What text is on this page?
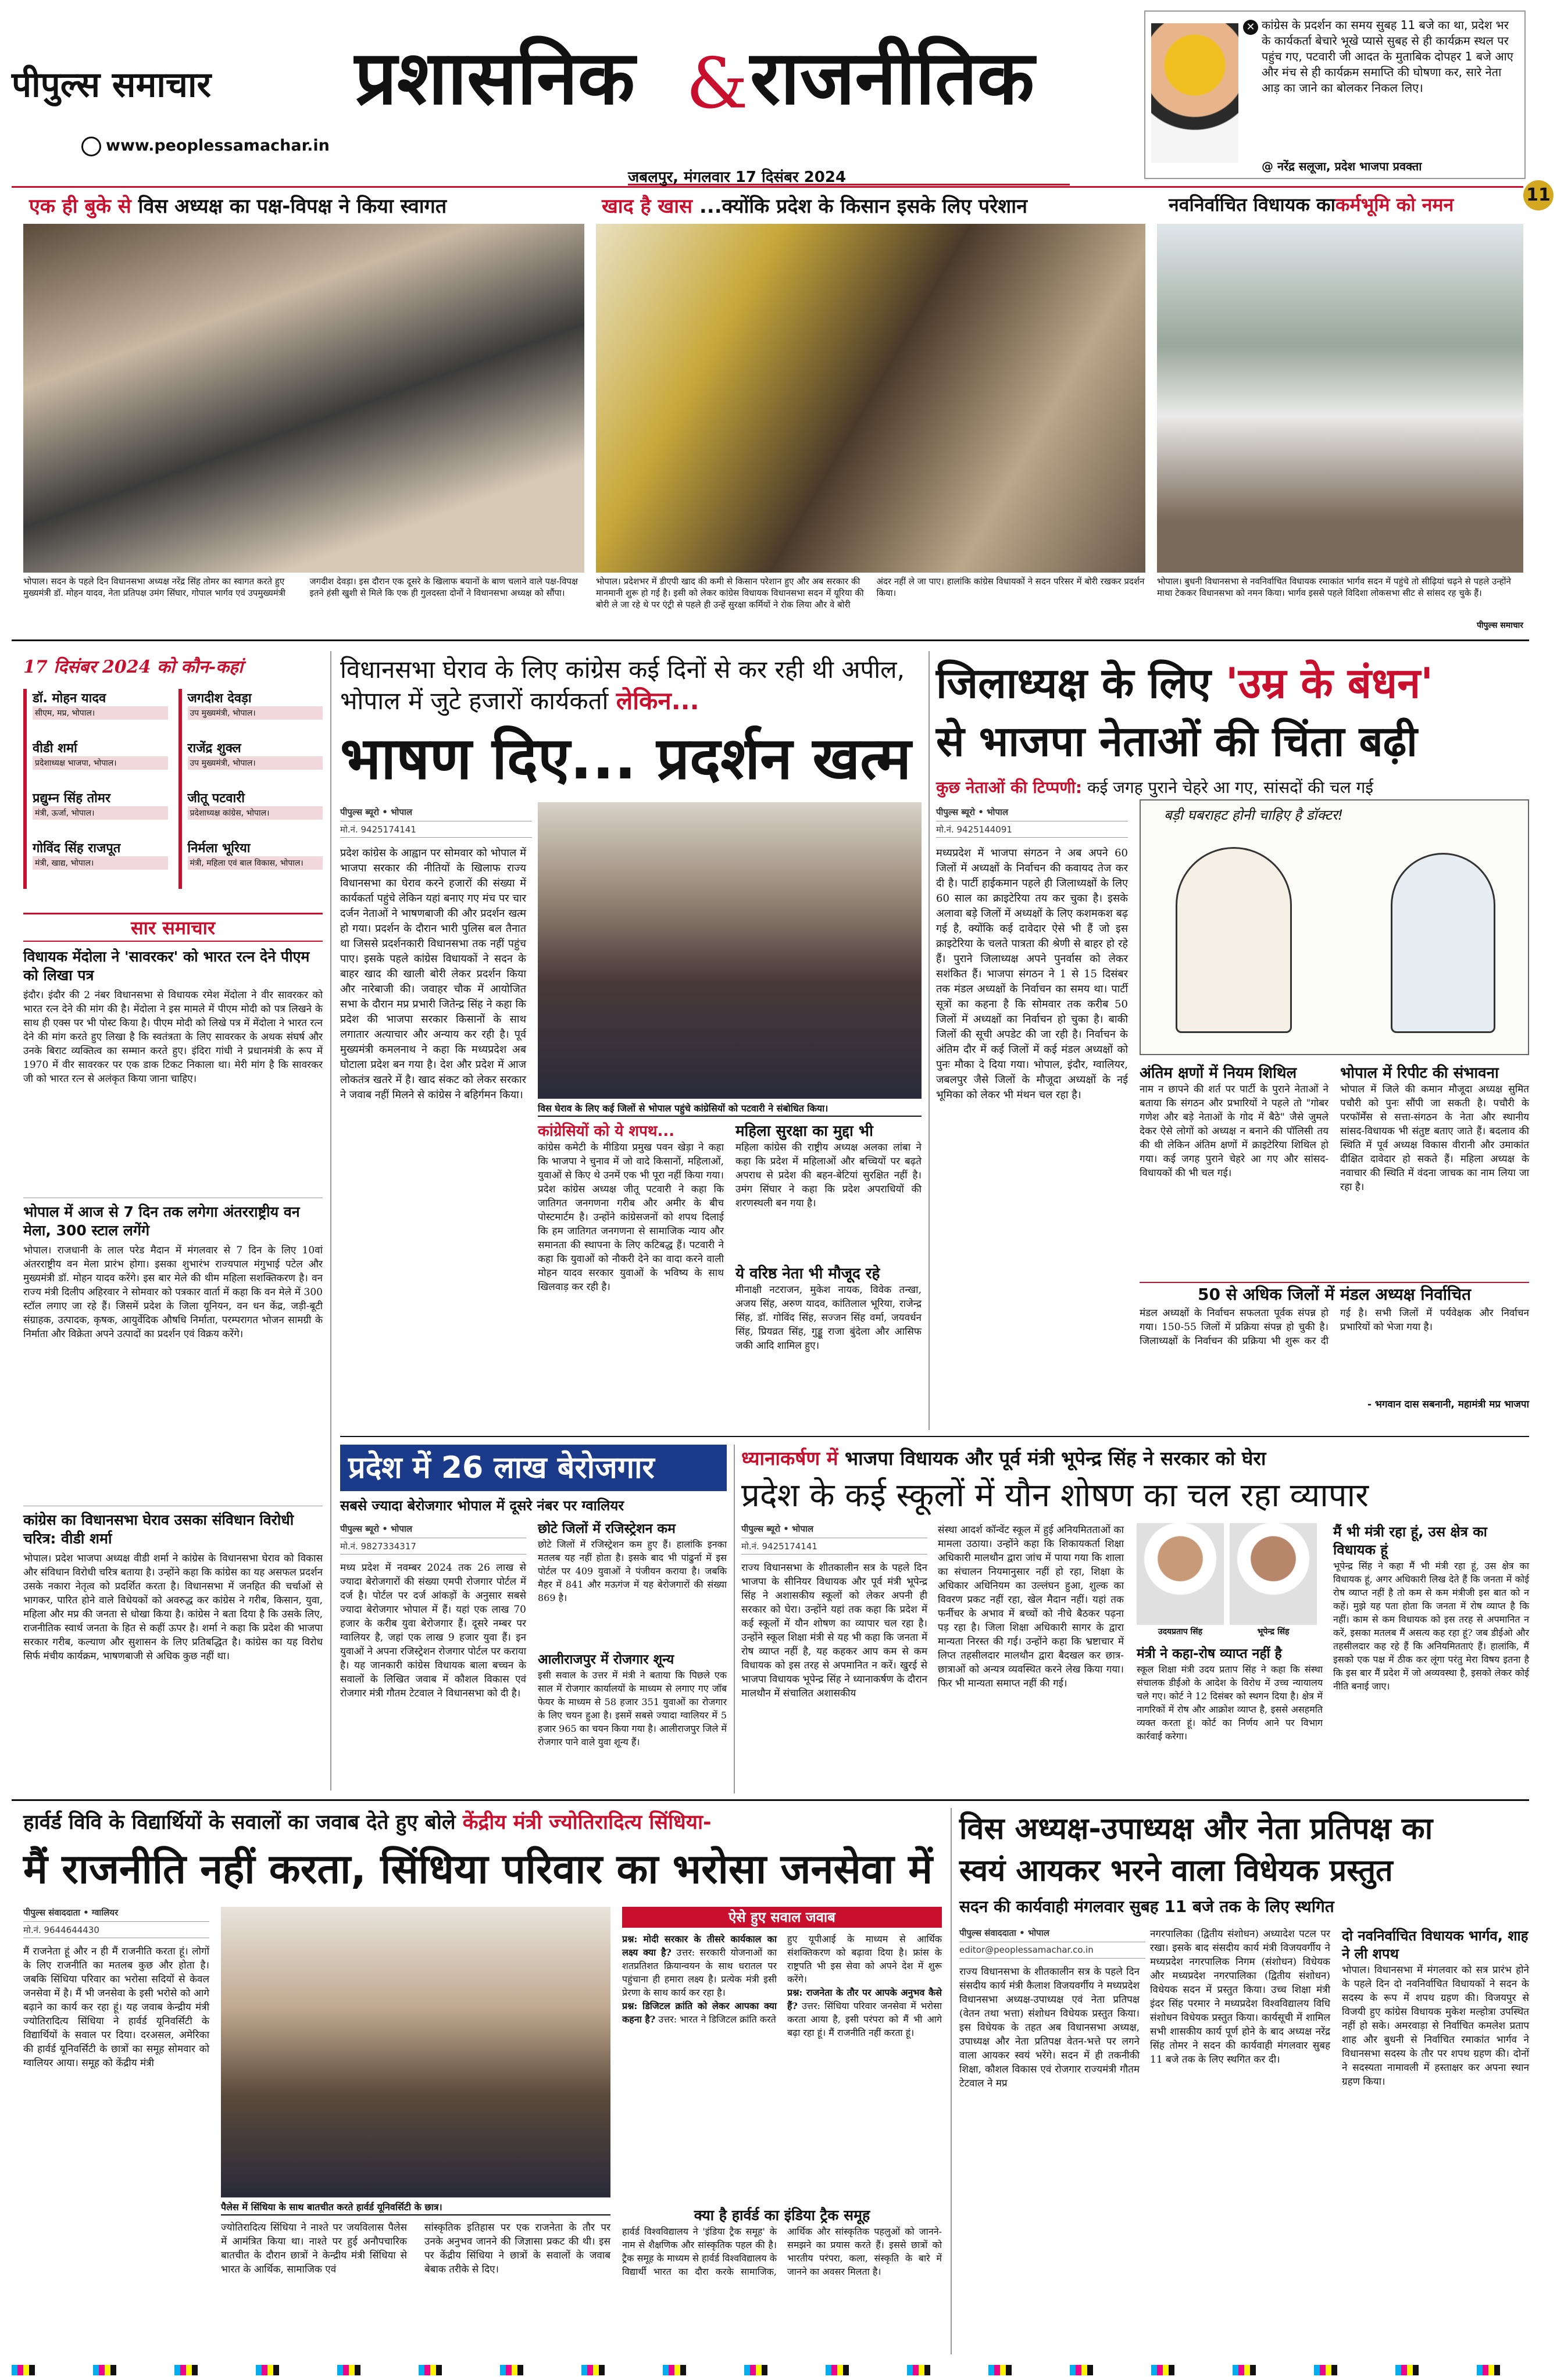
पीपुल्स समाचार	प्रशासनिक & राजनीतिक
www.peoplessamachar.in
जबलपुर, मंगलवार 17 दिसंबर 2024
✕ कांग्रेस के प्रदर्शन का समय सुबह 11 बजे का था, प्रदेश भर के कार्यकर्ता बेचारे भूखे प्यासे सुबह से ही कार्यक्रम स्थल पर पहुंच गए, पटवारी जी आदत के मुताबिक दोपहर 1 बजे आए और मंच से ही कार्यक्रम समाप्ति की घोषणा कर, सारे नेता आड़ का जाने का बोलकर निकल लिए।
@ नरेंद्र सलूजा, प्रदेश भाजपा प्रवक्ता
11
एक ही बुके से विस अध्यक्ष का पक्ष-विपक्ष ने किया स्वागत
भोपाल। सदन के पहले दिन विधानसभा अध्यक्ष नरेंद्र सिंह तोमर का स्वागत करते हुए मुख्यमंत्री डॉ. मोहन यादव, नेता प्रतिपक्ष उमंग सिंघार, गोपाल भार्गव एवं उपमुख्यमंत्री जगदीश देवड़ा। इस दौरान एक दूसरे के खिलाफ बयानों के बाण चलाने वाले पक्ष-विपक्ष इतने हंसी खुशी से मिले कि एक ही गुलदस्ता दोनों ने विधानसभा अध्यक्ष को सौंपा।
खाद है खास ...क्योंकि प्रदेश के किसान इसके लिए परेशान
भोपाल। प्रदेशभर में डीएपी खाद की कमी से किसान परेशान हुए और अब सरकार की मानमानी शुरू हो गई है। इसी को लेकर कांग्रेस विधायक विधानसभा सदन में यूरिया की बोरी ले जा रहे थे पर एंट्री से पहले ही उन्हें सुरक्षा कर्मियों ने रोक लिया और वे बोरी अंदर नहीं ले जा पाए। हालांकि कांग्रेस विधायकों ने सदन परिसर में बोरी रखकर प्रदर्शन किया।
नवनिर्वाचित विधायक काकर्मभूमि को नमन
भोपाल। बुधनी विधानसभा से नवनिर्वाचित विधायक रमाकांत भार्गव सदन में पहुंचे तो सीढ़ियां चढ़ने से पहले उन्होंने माथा टेककर विधानसभा को नमन किया। भार्गव इससे पहले विदिशा लोकसभा सीट से सांसद रह चुके हैं।
पीपुल्स समाचार
17 दिसंबर 2024 को कौन-कहां
डॉ. मोहन यादव
सीएम, मप्र, भोपाल।
जगदीश देवड़ा
उप मुख्यमंत्री, भोपाल।
वीडी शर्मा
प्रदेशाध्यक्ष भाजपा, भोपाल।
राजेंद्र शुक्ल
उप मुख्यमंत्री, भोपाल।
प्रद्युम्न सिंह तोमर
मंत्री, ऊर्जा, भोपाल।
जीतू पटवारी
प्रदेशाध्यक्ष कांग्रेस, भोपाल।
गोविंद सिंह राजपूत
मंत्री, खाद्य, भोपाल।
निर्मला भूरिया
मंत्री, महिला एवं बाल विकास, भोपाल।
सार समाचार
विधायक मेंदोला ने 'सावरकर' को भारत रत्न देने पीएम को लिखा पत्र
इंदौर। इंदौर की 2 नंबर विधानसभा से विधायक रमेश मेंदोला ने वीर सावरकर को भारत रत्न देने की मांग की है। मेंदोला ने इस मामले में पीएम मोदी को पत्र लिखने के साथ ही एक्स पर भी पोस्ट किया है। पीएम मोदी को लिखे पत्र में मेंदोला ने भारत रत्न देने की मांग करते हुए लिखा है कि स्वतंत्रता के लिए सावरकर के अथक संघर्ष और उनके बिराट व्यक्तित्व का सम्मान करते हुए। इंदिरा गांधी ने प्रधानमंत्री के रूप में 1970 में वीर सावरकर पर एक डाक टिकट निकाला था। मेरी मांग है कि सावरकर जी को भारत रत्न से अलंकृत किया जाना चाहिए।
भोपाल में आज से 7 दिन तक लगेगा अंतरराष्ट्रीय वन मेला, 300 स्टाल लगेंगे
भोपाल। राजधानी के लाल परेड मैदान में मंगलवार से 7 दिन के लिए 10वां अंतरराष्ट्रीय वन मेला प्रारंभ होगा। इसका शुभारंभ राज्यपाल मंगुभाई पटेल और मुख्यमंत्री डॉ. मोहन यादव करेंगे। इस बार मेले की थीम महिला सशक्तिकरण है। वन राज्य मंत्री दिलीप अहिरवार ने सोमवार को पत्रकार वार्ता में कहा कि वन मेले में 300 स्टॉल लगाए जा रहे हैं। जिसमें प्रदेश के जिला यूनियन, वन धन केंद्र, जड़ी-बूटी संग्राहक, उत्पादक, कृषक, आयुर्वेदिक औषधि निर्माता, परम्परागत भोजन सामग्री के निर्माता और विक्रेता अपने उत्पादों का प्रदर्शन एवं विक्रय करेंगे।
कांग्रेस का विधानसभा घेराव उसका संविधान विरोधी चरित्र: वीडी शर्मा
भोपाल। प्रदेश भाजपा अध्यक्ष वीडी शर्मा ने कांग्रेस के विधानसभा घेराव को विकास और संविधान विरोधी चरित्र बताया है। उन्होंने कहा कि कांग्रेस का यह असफल प्रदर्शन उसके नकारा नेतृत्व को प्रदर्शित करता है। विधानसभा में जनहित की चर्चाओं से भागकर, पारित होने वाले विधेयकों को अवरुद्ध कर कांग्रेस ने गरीब, किसान, युवा, महिला और मप्र की जनता से धोखा किया है। कांग्रेस ने बता दिया है कि उसके लिए, राजनीतिक स्वार्थ जनता के हित से कहीं ऊपर है। शर्मा ने कहा कि प्रदेश की भाजपा सरकार गरीब, कल्याण और सुशासन के लिए प्रतिबद्धित है। कांग्रेस का यह विरोध सिर्फ मंचीय कार्यक्रम, भाषणबाजी से अधिक कुछ नहीं था।
विधानसभा घेराव के लिए कांग्रेस कई दिनों से कर रही थी अपील, भोपाल में जुटे हजारों कार्यकर्ता लेकिन...
भाषण दिए... प्रदर्शन खत्म
पीपुल्स ब्यूरो • भोपाल
मो.नं. 9425174141
प्रदेश कांग्रेस के आह्वान पर सोमवार को भोपाल में भाजपा सरकार की नीतियों के खिलाफ राज्य विधानसभा का घेराव करने हजारों की संख्या में कार्यकर्ता पहुंचे लेकिन यहां बनाए गए मंच पर चार दर्जन नेताओं ने भाषणबाजी की और प्रदर्शन खत्म हो गया। प्रदर्शन के दौरान भारी पुलिस बल तैनात था जिससे प्रदर्शनकारी विधानसभा तक नहीं पहुंच पाए। इसके पहले कांग्रेस विधायकों ने सदन के बाहर खाद की खाली बोरी लेकर प्रदर्शन किया और नारेबाजी की। जवाहर चौक में आयोजित सभा के दौरान मप्र प्रभारी जितेन्द्र सिंह ने कहा कि प्रदेश की भाजपा सरकार किसानों के साथ लगातार अत्याचार और अन्याय कर रही है। पूर्व मुख्यमंत्री कमलनाथ ने कहा कि मध्यप्रदेश अब घोटाला प्रदेश बन गया है। देश और प्रदेश में आज लोकतंत्र खतरे में है। खाद संकट को लेकर सरकार ने जवाब नहीं मिलने से कांग्रेस ने बहिर्गमन किया।
विस घेराव के लिए कई जिलों से भोपाल पहुंचे कांग्रेसियों को पटवारी ने संबोधित किया।
कांग्रेसियों को ये शपथ...
कांग्रेस कमेटी के मीडिया प्रमुख पवन खेड़ा ने कहा कि भाजपा ने चुनाव में जो वादे किसानों, महिलाओं, युवाओं से किए थे उनमें एक भी पूरा नहीं किया गया। प्रदेश कांग्रेस अध्यक्ष जीतू पटवारी ने कहा कि जातिगत जनगणना गरीब और अमीर के बीच पोस्टमार्टम है। उन्होंने कांग्रेसजनों को शपथ दिलाई कि हम जातिगत जनगणना से सामाजिक न्याय और समानता की स्थापना के लिए कटिबद्ध हैं। पटवारी ने कहा कि युवाओं को नौकरी देने का वादा करने वाली मोहन यादव सरकार युवाओं के भविष्य के साथ खिलवाड़ कर रही है।
महिला सुरक्षा का मुद्दा भी
महिला कांग्रेस की राष्ट्रीय अध्यक्ष अलका लांबा ने कहा कि प्रदेश में महिलाओं और बच्चियों पर बढ़ते अपराध से प्रदेश की बहन-बेटियां सुरक्षित नहीं है। उमंग सिंघार ने कहा कि प्रदेश अपराधियों की शरणस्थली बन गया है।
ये वरिष्ठ नेता भी मौजूद रहे
मीनाक्षी नटराजन, मुकेश नायक, विवेक तन्खा, अजय सिंह, अरुण यादव, कांतिलाल भूरिया, राजेन्द्र सिंह, डॉ. गोविंद सिंह, सज्जन सिंह वर्मा, जयवर्धन सिंह, प्रियव्रत सिंह, गुड्डू राजा बुंदेला और आसिफ जकी आदि शामिल हुए।
जिलाध्यक्ष के लिए 'उम्र के बंधन'
से भाजपा नेताओं की चिंता बढ़ी
कुछ नेताओं की टिप्पणी: कई जगह पुराने चेहरे आ गए, सांसदों की चल गई
पीपुल्स ब्यूरो • भोपाल
मो.नं. 9425144091
मध्यप्रदेश में भाजपा संगठन ने अब अपने 60 जिलों में अध्यक्षों के निर्वाचन की कवायद तेज कर दी है। पार्टी हाईकमान पहले ही जिलाध्यक्षों के लिए 60 साल का क्राइटेरिया तय कर चुका है। इसके अलावा बड़े जिलों में अध्यक्षों के लिए कशमकश बढ़ गई है, क्योंकि कई दावेदार ऐसे भी हैं जो इस क्राइटेरिया के चलते पात्रता की श्रेणी से बाहर हो रहे हैं। पुराने जिलाध्यक्ष अपने पुनर्वास को लेकर सशंकित हैं। भाजपा संगठन ने 1 से 15 दिसंबर तक मंडल अध्यक्षों के निर्वाचन का समय था। पार्टी सूत्रों का कहना है कि सोमवार तक करीब 50 जिलों में अध्यक्षों का निर्वाचन हो चुका है। बाकी जिलों की सूची अपडेट की जा रही है। निर्वाचन के अंतिम दौर में कई जिलों में कई मंडल अध्यक्षों को पुनः मौका दे दिया गया। भोपाल, इंदौर, ग्वालियर, जबलपुर जैसे जिलों के मौजूदा अध्यक्षों के नई भूमिका को लेकर भी मंथन चल रहा है।
बड़ी घबराहट होनी चाहिए है डॉक्टर!
अंतिम क्षणों में नियम शिथिल
नाम न छापने की शर्त पर पार्टी के पुराने नेताओं ने बताया कि संगठन और प्रभारियों ने पहले तो "गोबर गणेश और बड़े नेताओं के गोद में बैठे" जैसे जुमले देकर ऐसे लोगों को अध्यक्ष न बनाने की पॉलिसी तय की थी लेकिन अंतिम क्षणों में क्राइटेरिया शिथिल हो गया। कई जगह पुराने चेहरे आ गए और सांसद-विधायकों की भी चल गई।
भोपाल में रिपीट की संभावना
भोपाल में जिले की कमान मौजूदा अध्यक्ष सुमित पचौरी को पुनः सौंपी जा सकती है। पचौरी के परफॉर्मेंस से सत्ता-संगठन के नेता और स्थानीय सांसद-विधायक भी संतुष्ट बताए जाते हैं। बदलाव की स्थिति में पूर्व अध्यक्ष विकास वीरानी और उमाकांत दीक्षित दावेदार हो सकते हैं। महिला अध्यक्ष के नवाचार की स्थिति में वंदना जाचक का नाम लिया जा रहा है।
50 से अधिक जिलों में मंडल अध्यक्ष निर्वाचित
मंडल अध्यक्षों के निर्वाचन सफलता पूर्वक संपन्न हो गया। 150-55 जिलों में प्रक्रिया संपन्न हो चुकी है। जिलाध्यक्षों के निर्वाचन की प्रक्रिया भी शुरू कर दी गई है। सभी जिलों में पर्यवेक्षक और निर्वाचन प्रभारियों को भेजा गया है।
- भगवान दास सबनानी, महामंत्री मप्र भाजपा
प्रदेश में 26 लाख बेरोजगार
सबसे ज्यादा बेरोजगार भोपाल में दूसरे नंबर पर ग्वालियर
पीपुल्स ब्यूरो • भोपाल
मो.नं. 9827334317
मध्य प्रदेश में नवम्बर 2024 तक 26 लाख से ज्यादा बेरोजगारों की संख्या एमपी रोजगार पोर्टल में दर्ज है। पोर्टल पर दर्ज आंकड़ों के अनुसार सबसे ज्यादा बेरोजगार भोपाल में हैं। यहां एक लाख 70 हजार के करीब युवा बेरोजगार हैं। दूसरे नम्बर पर ग्वालियर है, जहां एक लाख 9 हजार युवा हैं। इन युवाओं ने अपना रजिस्ट्रेशन रोजगार पोर्टल पर कराया है। यह जानकारी कांग्रेस विधायक बाला बच्चन के सवालों के लिखित जवाब में कौशल विकास एवं रोजगार मंत्री गौतम टेटवाल ने विधानसभा को दी है।
छोटे जिलों में रजिस्ट्रेशन कम
छोटे जिलों में रजिस्ट्रेशन कम हुए हैं। हालांकि इनका मतलब यह नहीं होता है। इसके बाद भी पांढुर्ना में इस पोर्टल पर 409 युवाओं ने पंजीयन कराया है। जबकि मैहर में 841 और मऊगंज में यह बेरोजगारों की संख्या 869 है।
आलीराजपुर में रोजगार शून्य
इसी सवाल के उत्तर में मंत्री ने बताया कि पिछले एक साल में रोजगार कार्यालयों के माध्यम से लगाए गए जॉब फेयर के माध्यम से 58 हजार 351 युवाओं का रोजगार के लिए चयन हुआ है। इसमें सबसे ज्यादा ग्वालियर में 5 हजार 965 का चयन किया गया है। आलीराजपुर जिले में रोजगार पाने वाले युवा शून्य हैं।
ध्यानाकर्षण में भाजपा विधायक और पूर्व मंत्री भूपेन्द्र सिंह ने सरकार को घेरा
प्रदेश के कई स्कूलों में यौन शोषण का चल रहा व्यापार
पीपुल्स ब्यूरो • भोपाल
मो.नं. 9425174141
राज्य विधानसभा के शीतकालीन सत्र के पहले दिन भाजपा के सीनियर विधायक और पूर्व मंत्री भूपेन्द्र सिंह ने अशासकीय स्कूलों को लेकर अपनी ही सरकार को घेरा। उन्होंने यहां तक कहा कि प्रदेश में कई स्कूलों में यौन शोषण का व्यापार चल रहा है। उन्होंने स्कूल शिक्षा मंत्री से यह भी कहा कि जनता में रोष व्याप्त नहीं है, यह कहकर आप कम से कम विधायक को इस तरह से अपमानित न करें। खुरई से भाजपा विधायक भूपेन्द्र सिंह ने ध्यानाकर्षण के दौरान मालथौन में संचालित अशासकीय
संस्था आदर्श कॉन्वेंट स्कूल में हुई अनियमितताओं का मामला उठाया। उन्होंने कहा कि शिकायकर्ता शिक्षा अधिकारी मालथौन द्वारा जांच में पाया गया कि शाला का संचालन नियमानुसार नहीं हो रहा, शिक्षा के अधिकार अधिनियम का उल्लंघन हुआ, शुल्क का विवरण प्रकट नहीं रहा, खेल मैदान नहीं। यहां तक फर्नीचर के अभाव में बच्चों को नीचे बैठकर पढ़ना पड़ रहा है। जिला शिक्षा अधिकारी सागर के द्वारा मान्यता निरस्त की गई। उन्होंने कहा कि भ्रष्टाचार में लिप्त तहसीलदार मालथौन द्वारा बैदखल कर छात्र-छात्राओं को अन्यत्र व्यवस्थित करने लेख किया गया। फिर भी मान्यता समाप्त नहीं की गई।
उदयप्रताप सिंह	भूपेन्द्र सिंह
मंत्री ने कहा-रोष व्याप्त नहीं है
स्कूल शिक्षा मंत्री उदय प्रताप सिंह ने कहा कि संस्था संचालक डीईओ के आदेश के विरोध में उच्च न्यायालय चले गए। कोर्ट ने 12 दिसंबर को स्थगन दिया है। क्षेत्र में नागरिकों में रोष और आक्रोश व्याप्त है, इससे असहमति व्यक्त करता हूं। कोर्ट का निर्णय आने पर विभाग कार्रवाई करेगा।
मैं भी मंत्री रहा हूं, उस क्षेत्र का विधायक हूं
भूपेन्द्र सिंह ने कहा मैं भी मंत्री रहा हूं, उस क्षेत्र का विधायक हूं, अगर अधिकारी लिख देते हैं कि जनता में कोई रोष व्याप्त नहीं है तो कम से कम मंत्रीजी इस बात को न कहें। मुझे यह पता होता कि जनता में रोष व्याप्त है कि नहीं। काम से कम विधायक को इस तरह से अपमानित न करें, इसका मतलब मैं असत्य कह रहा हूं? जब डीईओ और तहसीलदार कह रहे हैं कि अनियमितताएं हैं। हालांकि, मैं इसको एक पक्ष में ठीक कर लूंगा परंतु मेरा विषय इतना है कि इस बार मैं प्रदेश में जो अव्यवस्था है, इसको लेकर कोई नीति बनाई जाए।
हार्वर्ड विवि के विद्यार्थियों के सवालों का जवाब देते हुए बोले केंद्रीय मंत्री ज्योतिरादित्य सिंधिया-
मैं राजनीति नहीं करता, सिंधिया परिवार का भरोसा जनसेवा में
पीपुल्स संवाददाता • ग्वालियर
मो.नं. 9644644430
मैं राजनेता हूं और न ही मैं राजनीति करता हूं। लोगों के लिए राजनीति का मतलब कुछ और होता है। जबकि सिंधिया परिवार का भरोसा सदियों से केवल जनसेवा में है। मैं भी जनसेवा के इसी भरोसे को आगे बढ़ाने का कार्य कर रहा हूं। यह जवाब केन्द्रीय मंत्री ज्योतिरादित्य सिंधिया ने हार्वर्ड यूनिवर्सिटी के विद्यार्थियों के सवाल पर दिया। दरअसल, अमेरिका की हार्वर्ड यूनिवर्सिटी के छात्रों का समूह सोमवार को ग्वालियर आया। समूह को केंद्रीय मंत्री
पैलेस में सिंधिया के साथ बातचीत करते हार्वर्ड यूनिवर्सिटी के छात्र।
ज्योतिरादित्य सिंधिया ने नाश्ते पर जयविलास पैलेस में आमंत्रित किया था। नाश्ते पर हुई अनौपचारिक बातचीत के दौरान छात्रों ने केन्द्रीय मंत्री सिंधिया से भारत के आर्थिक, सामाजिक एवं
सांस्कृतिक इतिहास पर एक राजनेता के तौर पर उनके अनुभव जानने की जिज्ञासा प्रकट की थी। इस पर केंद्रीय सिंधिया ने छात्रों के सवालों के जवाब बेबाक तरीके से दिए।
ऐसे हुए सवाल जवाब
प्रश्न: मोदी सरकार के तीसरे कार्यकाल का लक्ष्य क्या है? उत्तर: सरकारी योजनाओं का शतप्रतिशत क्रियान्वयन के साथ धरातल पर पहुंचाना ही हमारा लक्ष्य है। प्रत्येक मंत्री इसी प्रेरणा के साथ कार्य कर रहा है।
प्रश्न: डिजिटल क्रांति को लेकर आपका क्या कहना है? उत्तर: भारत ने डिजिटल क्रांति करते
हुए यूपीआई के माध्यम से आर्थिक संशक्तिकरण को बढ़ावा दिया है। फ्रांस के राष्ट्रपति भी इस सेवा को अपने देश में शुरू करेंगे।
प्रश्न: राजनेता के तौर पर आपके अनुभव कैसे हैं? उत्तर: सिंधिया परिवार जनसेवा में भरोसा करता आया है, इसी परंपरा को मैं भी आगे बढ़ा रहा हूं। मैं राजनीति नहीं करता हूं।
क्या है हार्वर्ड का इंडिया ट्रैक समूह
हार्वर्ड विश्वविद्यालय ने 'इंडिया ट्रैक समूह' के नाम से शैक्षणिक और सांस्कृतिक पहल की है। ट्रैक समूह के माध्यम से हार्वर्ड विश्वविद्यालय के विद्यार्थी भारत का दौरा करके सामाजिक, आर्थिक और सांस्कृतिक पहलुओं को जानने-समझने का प्रयास करते हैं। इससे छात्रों को भारतीय परंपरा, कला, संस्कृति के बारे में जानने का अवसर मिलता है।
विस अध्यक्ष-उपाध्यक्ष और नेता प्रतिपक्ष का
स्वयं आयकर भरने वाला विधेयक प्रस्तुत
सदन की कार्यवाही मंगलवार सुबह 11 बजे तक के लिए स्थगित
पीपुल्स संवाददाता • भोपाल
editor@peoplessamachar.co.in
राज्य विधानसभा के शीतकालीन सत्र के पहले दिन संसदीय कार्य मंत्री कैलाश विजयवर्गीय ने मध्यप्रदेश विधानसभा अध्यक्ष-उपाध्यक्ष एवं नेता प्रतिपक्ष (वेतन तथा भत्ता) संशोधन विधेयक प्रस्तुत किया। इस विधेयक के तहत अब विधानसभा अध्यक्ष, उपाध्यक्ष और नेता प्रतिपक्ष वेतन-भत्ते पर लगने वाला आयकर स्वयं भरेंगे। सदन में ही तकनीकी शिक्षा, कौशल विकास एवं रोजगार राज्यमंत्री गौतम टेटवाल ने मप्र
नगरपालिका (द्वितीय संशोधन) अध्यादेश पटल पर रखा। इसके बाद संसदीय कार्य मंत्री विजयवर्गीय ने मध्यप्रदेश नगरपालिक निगम (संशोधन) विधेयक और मध्यप्रदेश नगरपालिका (द्वितीय संशोधन) विधेयक सदन में प्रस्तुत किया। उच्च शिक्षा मंत्री इंदर सिंह परमार ने मध्यप्रदेश विश्वविद्यालय विधि संशोधन विधेयक प्रस्तुत किया। कार्यसूची में शामिल सभी शासकीय कार्य पूर्ण होने के बाद अध्यक्ष नरेंद्र सिंह तोमर ने सदन की कार्यवाही मंगलवार सुबह 11 बजे तक के लिए स्थगित कर दी।
दो नवनिर्वाचित विधायक भार्गव, शाह ने ली शपथ
भोपाल। विधानसभा में मंगलवार को सत्र प्रारंभ होने के पहले दिन दो नवनिर्वाचित विधायकों ने सदन के सदस्य के रूप में शपथ ग्रहण की। विजयपुर से विजयी हुए कांग्रेस विधायक मुकेश मल्होत्रा उपस्थित नहीं हो सके। अमरवाड़ा से निर्वाचित कमलेश प्रताप शाह और बुधनी से निर्वाचित रमाकांत भार्गव ने विधानसभा सदस्य के तौर पर शपथ ग्रहण की। दोनों ने सदस्यता नामावली में हस्ताक्षर कर अपना स्थान ग्रहण किया।
